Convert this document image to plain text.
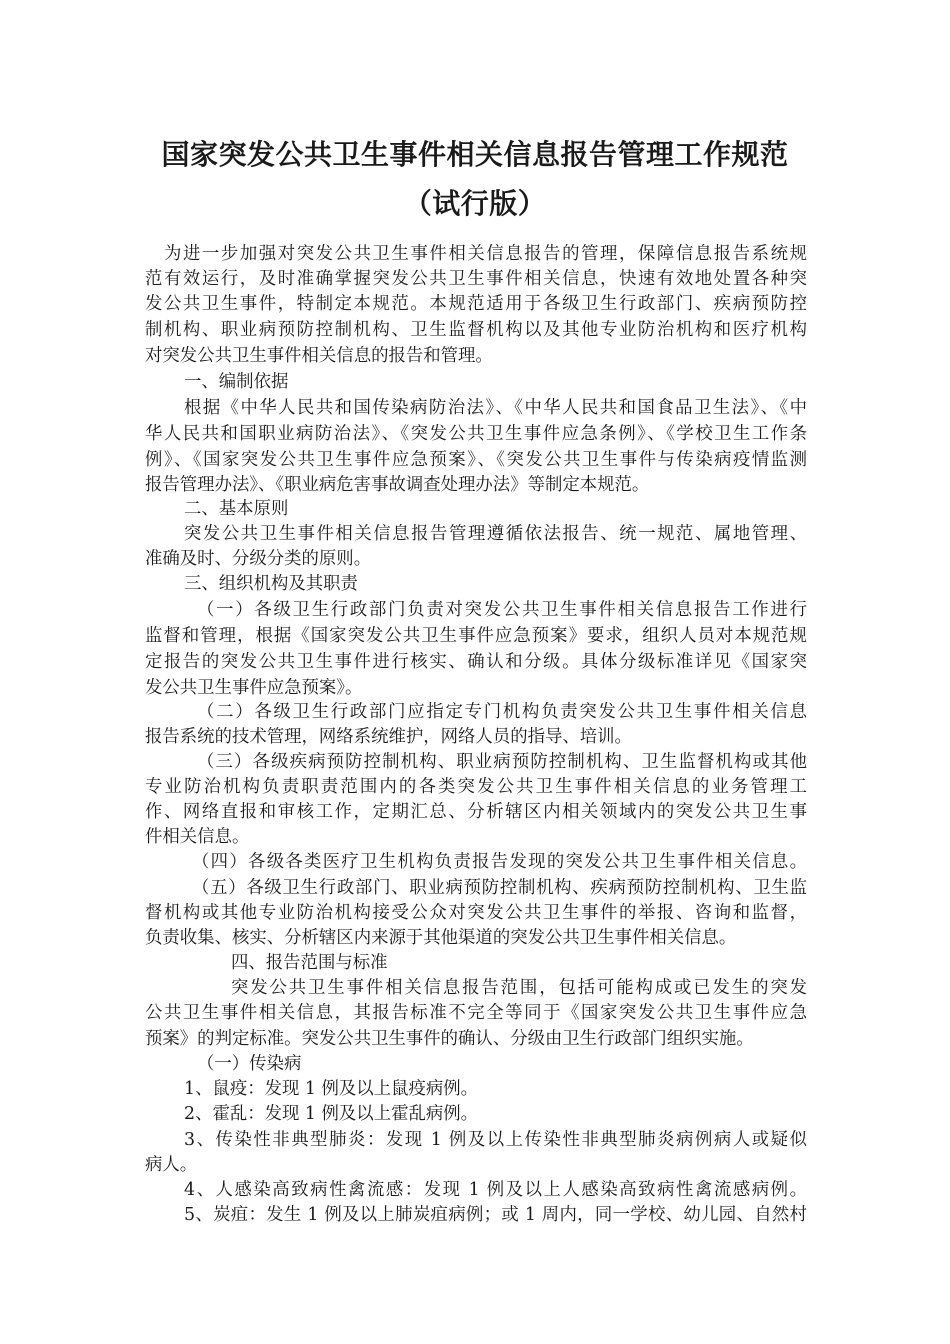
国家突发公共卫生事件相关信息报告管理工作规范
（试行版）
为进一步加强对突发公共卫生事件相关信息报告的管理，保障信息报告系统规
范有效运行，及时准确掌握突发公共卫生事件相关信息，快速有效地处置各种突
发公共卫生事件，特制定本规范。本规范适用于各级卫生行政部门、疾病预防控
制机构、职业病预防控制机构、卫生监督机构以及其他专业防治机构和医疗机构
对突发公共卫生事件相关信息的报告和管理。
一、编制依据
根据《中华人民共和国传染病防治法》、《中华人民共和国食品卫生法》、《中
华人民共和国职业病防治法》、《突发公共卫生事件应急条例》、《学校卫生工作条
例》、《国家突发公共卫生事件应急预案》、《突发公共卫生事件与传染病疫情监测
报告管理办法》、《职业病危害事故调查处理办法》等制定本规范。
二、基本原则
突发公共卫生事件相关信息报告管理遵循依法报告、统一规范、属地管理、
准确及时、分级分类的原则。
三、组织机构及其职责
（一）各级卫生行政部门负责对突发公共卫生事件相关信息报告工作进行
监督和管理，根据《国家突发公共卫生事件应急预案》要求，组织人员对本规范规
定报告的突发公共卫生事件进行核实、确认和分级。具体分级标准详见《国家突
发公共卫生事件应急预案》。
（二）各级卫生行政部门应指定专门机构负责突发公共卫生事件相关信息
报告系统的技术管理，网络系统维护，网络人员的指导、培训。
（三）各级疾病预防控制机构、职业病预防控制机构、卫生监督机构或其他
专业防治机构负责职责范围内的各类突发公共卫生事件相关信息的业务管理工
作、网络直报和审核工作，定期汇总、分析辖区内相关领域内的突发公共卫生事
件相关信息。
（四）各级各类医疗卫生机构负责报告发现的突发公共卫生事件相关信息。
（五）各级卫生行政部门、职业病预防控制机构、疾病预防控制机构、卫生监
督机构或其他专业防治机构接受公众对突发公共卫生事件的举报、咨询和监督，
负责收集、核实、分析辖区内来源于其他渠道的突发公共卫生事件相关信息。
四、报告范围与标准
突发公共卫生事件相关信息报告范围，包括可能构成或已发生的突发
公共卫生事件相关信息，其报告标准不完全等同于《国家突发公共卫生事件应急
预案》的判定标准。突发公共卫生事件的确认、分级由卫生行政部门组织实施。
（一）传染病
1、鼠疫：发现 1 例及以上鼠疫病例。
2、霍乱：发现 1 例及以上霍乱病例。
3、传染性非典型肺炎：发现 1 例及以上传染性非典型肺炎病例病人或疑似
病人。
4、人感染高致病性禽流感：发现 1 例及以上人感染高致病性禽流感病例。
5、炭疽：发生 1 例及以上肺炭疽病例；或 1 周内，同一学校、幼儿园、自然村
